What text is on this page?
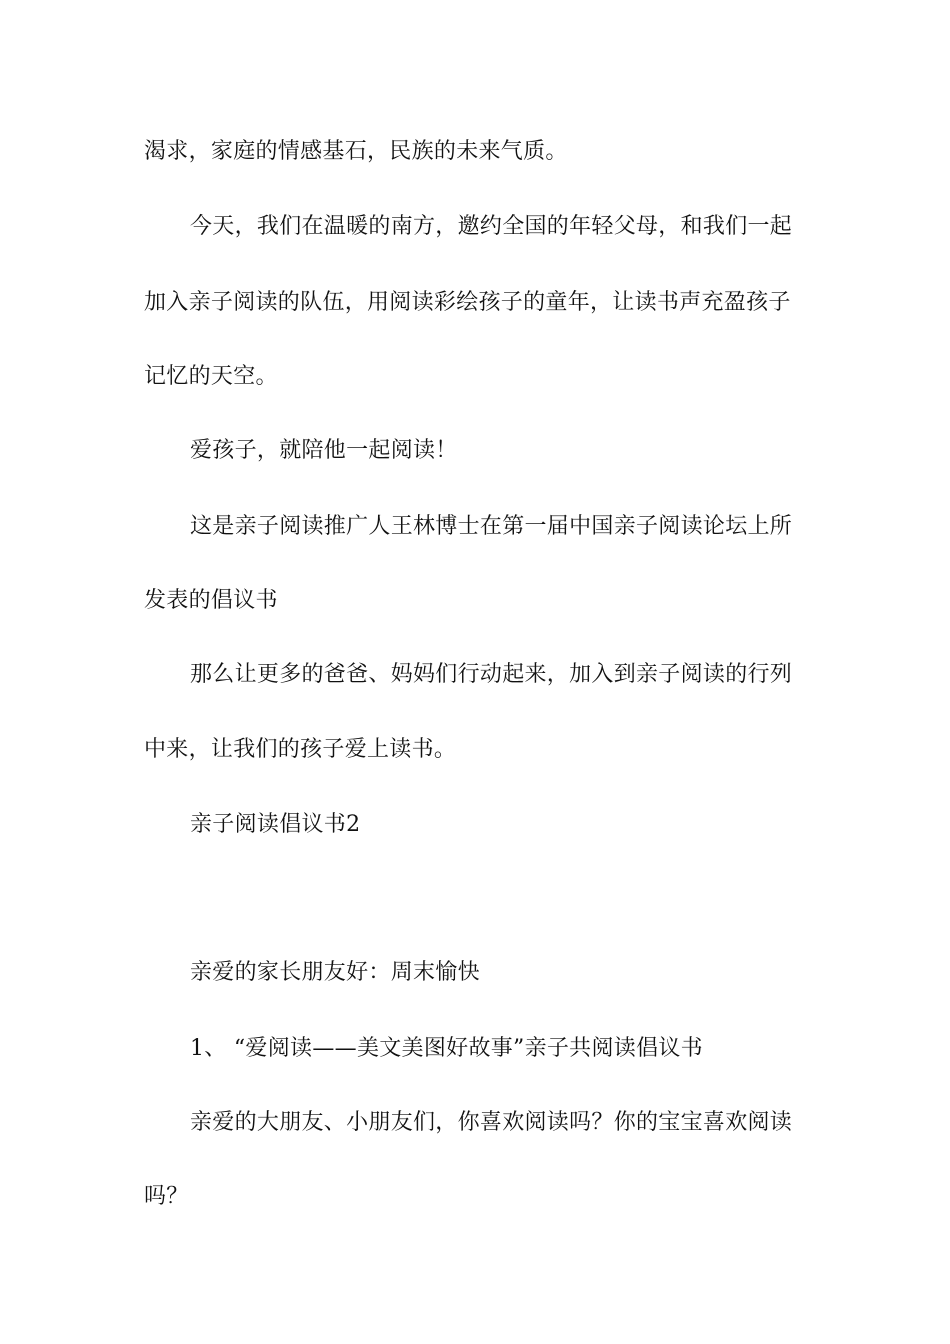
渴求，家庭的情感基石，民族的未来气质。

今天，我们在温暖的南方，邀约全国的年轻父母，和我们一起

加入亲子阅读的队伍，用阅读彩绘孩子的童年，让读书声充盈孩子

记忆的天空。

爱孩子，就陪他一起阅读！

这是亲子阅读推广人王林博士在第一届中国亲子阅读论坛上所

发表的倡议书

那么让更多的爸爸、妈妈们行动起来，加入到亲子阅读的行列

中来，让我们的孩子爱上读书。

亲子阅读倡议书2

亲爱的家长朋友好：周末愉快

1、 “爱阅读——美文美图好故事”亲子共阅读倡议书

亲爱的大朋友、小朋友们，你喜欢阅读吗？你的宝宝喜欢阅读

吗？
